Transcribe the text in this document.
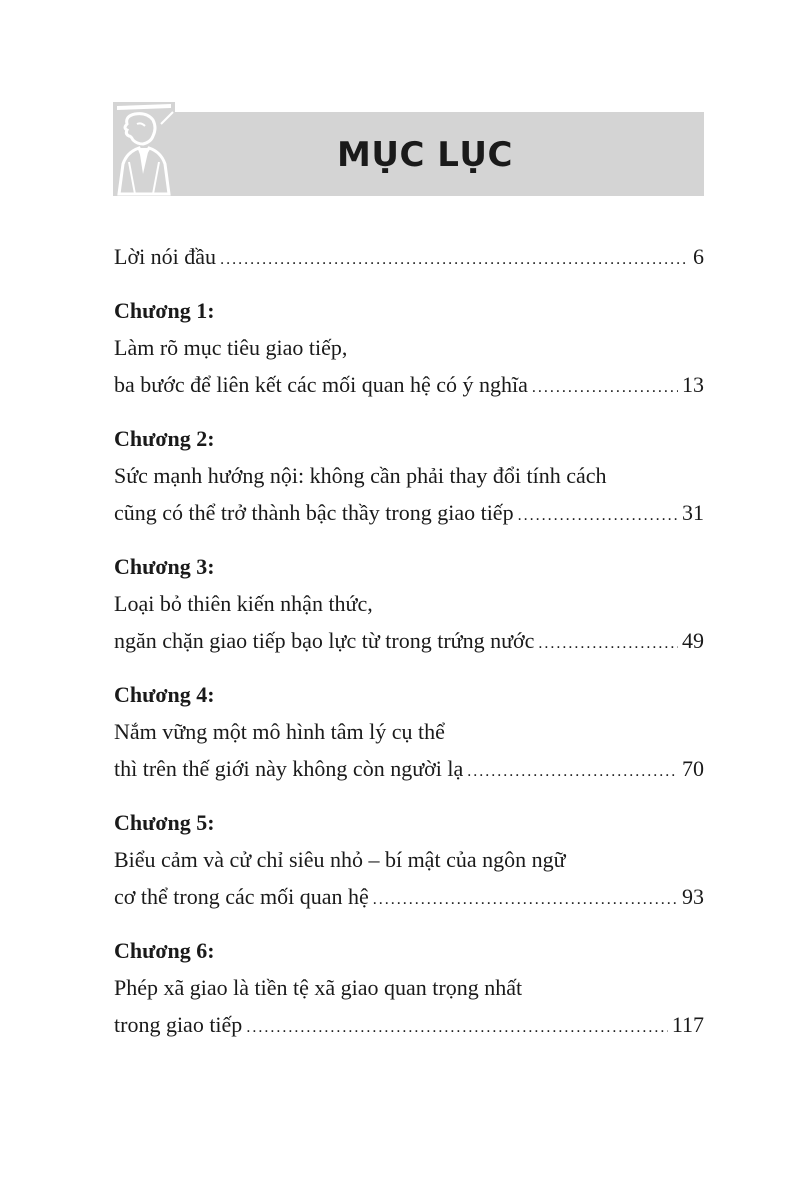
MỤC LỤC
Lời nói đầu .....	6
Chương 1:
Làm rõ mục tiêu giao tiếp,
ba bước để liên kết các mối quan hệ có ý nghĩa .....	13
Chương 2:
Sức mạnh hướng nội: không cần phải thay đổi tính cách
cũng có thể trở thành bậc thầy trong giao tiếp .....	31
Chương 3:
Loại bỏ thiên kiến nhận thức,
ngăn chặn giao tiếp bạo lực từ trong trứng nước .....	49
Chương 4:
Nắm vững một mô hình tâm lý cụ thể
thì trên thế giới này không còn người lạ .....	70
Chương 5:
Biểu cảm và cử chỉ siêu nhỏ – bí mật của ngôn ngữ
cơ thể trong các mối quan hệ .....	93
Chương 6:
Phép xã giao là tiền tệ xã giao quan trọng nhất
trong giao tiếp .....	117
